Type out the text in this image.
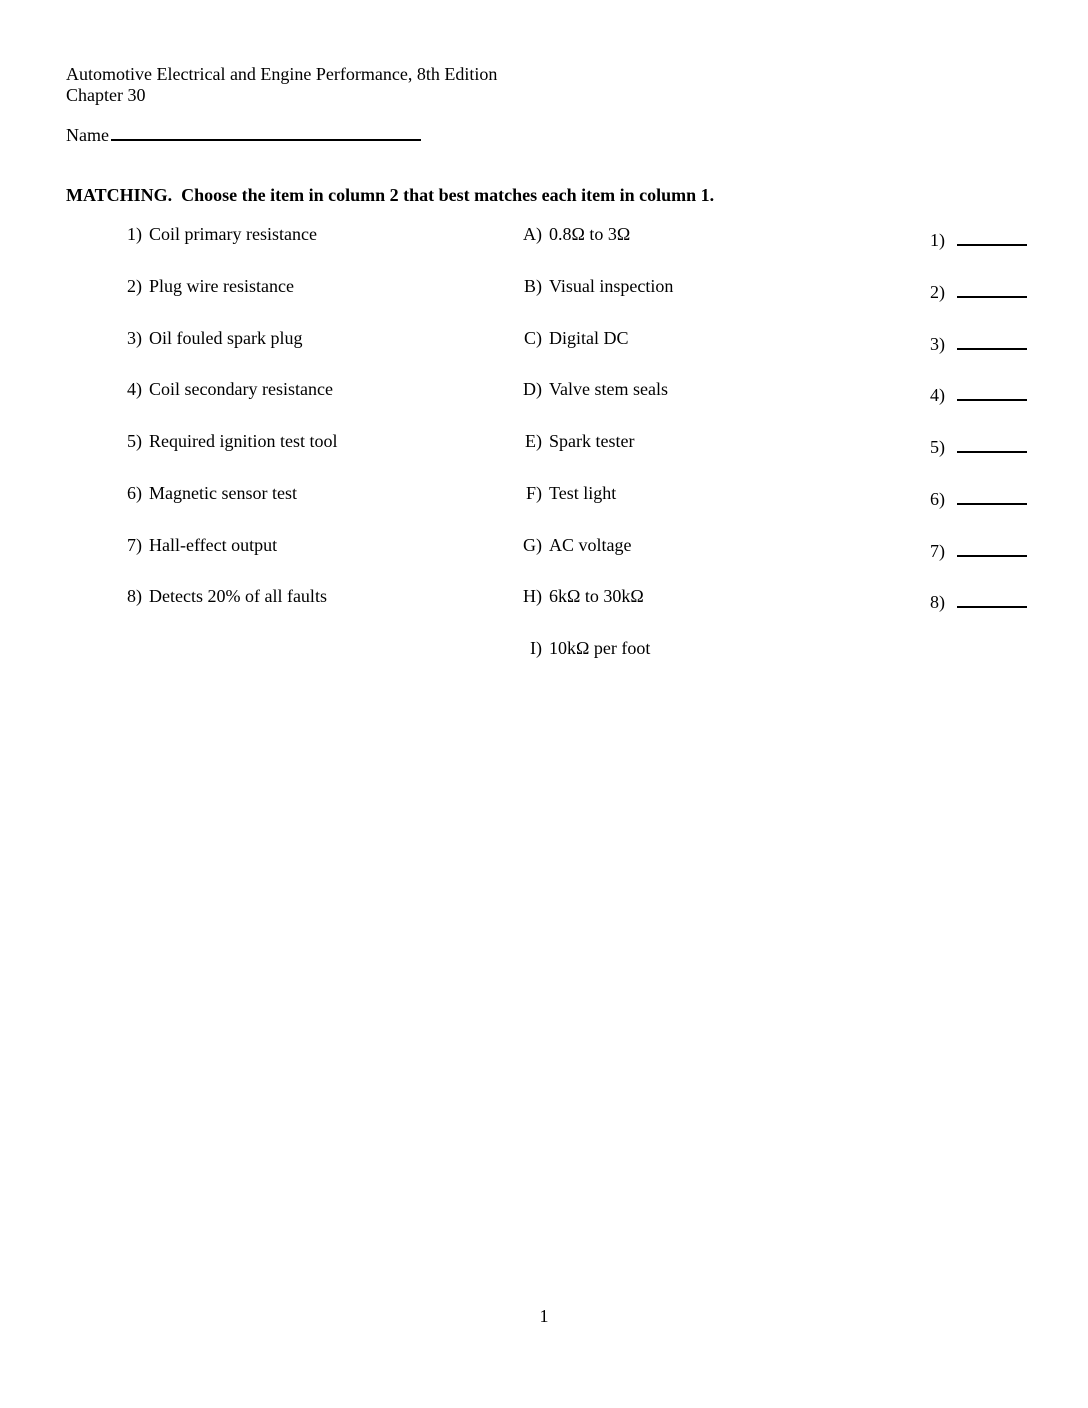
Automotive Electrical and Engine Performance, 8th Edition
Chapter 30
Name
MATCHING.  Choose the item in column 2 that best matches each item in column 1.
1) Coil primary resistance	A) 0.8Ω to 3Ω	1)
2) Plug wire resistance	B) Visual inspection	2)
3) Oil fouled spark plug	C) Digital DC	3)
4) Coil secondary resistance	D) Valve stem seals	4)
5) Required ignition test tool	E) Spark tester	5)
6) Magnetic sensor test	F) Test light	6)
7) Hall-effect output	G) AC voltage	7)
8) Detects 20% of all faults	H) 6kΩ to 30kΩ	8)
I) 10kΩ per foot
1
